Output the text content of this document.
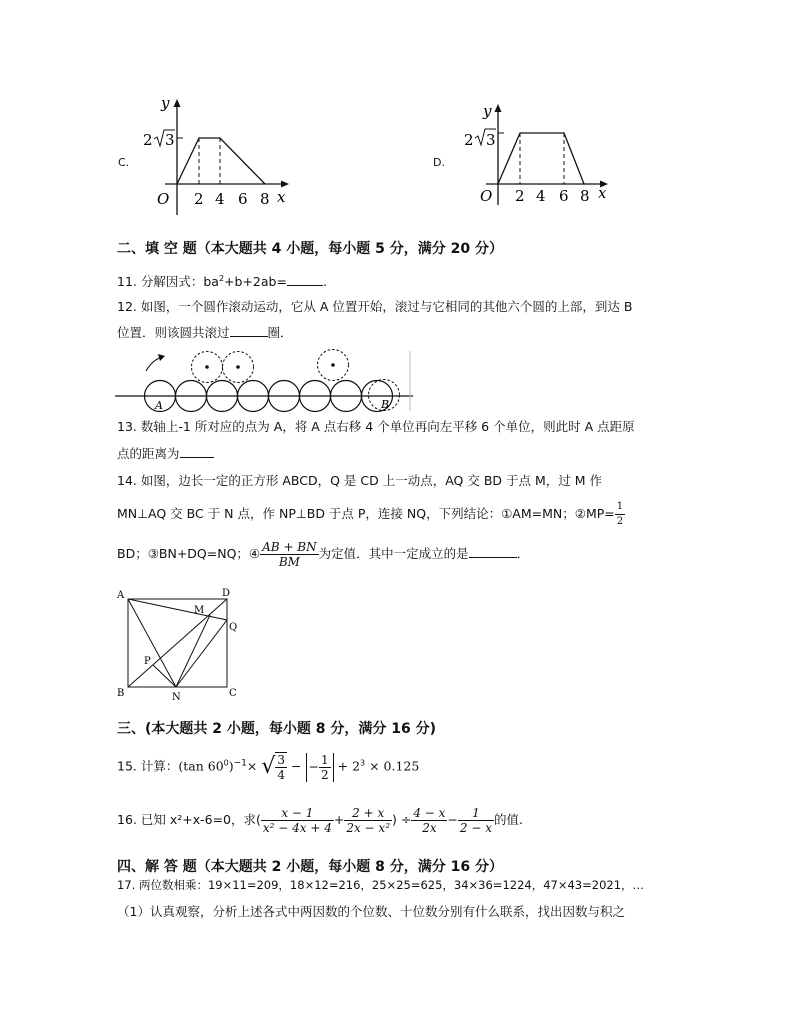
C.
y
x
O
2 3
2 4 6 8
D.
y
x
O
2 3
2 4 6 8
二、填 空 题（本大题共 4 小题，每小题 5 分，满分 20 分）
11. 分解因式：$ba^2+b+2ab=$	.
12. 如图，一个圆作滚动运动，它从 A 位置开始，滚过与它相同的其他六个圆的上部，到达 B
位置．则该圆共滚过	圈．
A	B
13. 数轴上-1 所对应的点为 A，将 A 点右移 4 个单位再向左平移 6 个单位，则此时 A 点距原
点的距离为
14. 如图，边长一定的正方形 ABCD，Q 是 CD 上一动点，AQ 交 BD 于点 M，过 M 作
MN⊥AQ 交 BC 于 N 点，作 NP⊥BD 于点 P，连接 NQ，下列结论：①AM=MN；②MP= $\frac{1}{2}$
BD；③BN+DQ=NQ；④ $\frac{AB + BN}{BM}$ 为定值．其中一定成立的是	．
A	D
M
Q
P
B	N	C
三、(本大题共 2 小题，每小题 8 分，满分 16 分)
15. 计算：(tan $60^0)^{-1}\times$ √ $\frac{3}{4}$ − − $\frac{1}{2} + 2^3 \times 0.125$
16. 已知 x²+x-6=0，求( $\frac{x - 1}{\text{x² − 4x + 4}} + \frac{2 + x}{\text{2x − x²}}$ ) ÷ $\frac{4 - x}{2x} - \frac{1}{2 - x}$ 的值.
四、解 答 题（本大题共 2 小题，每小题 8 分，满分 16 分）
17. 两位数相乘：19×11=209，18×12=216，25×25=625，34×36=1224，47×43=2021，…
（1）认真观察，分析上述各式中两因数的个位数、十位数分别有什么联系，找出因数与积之
